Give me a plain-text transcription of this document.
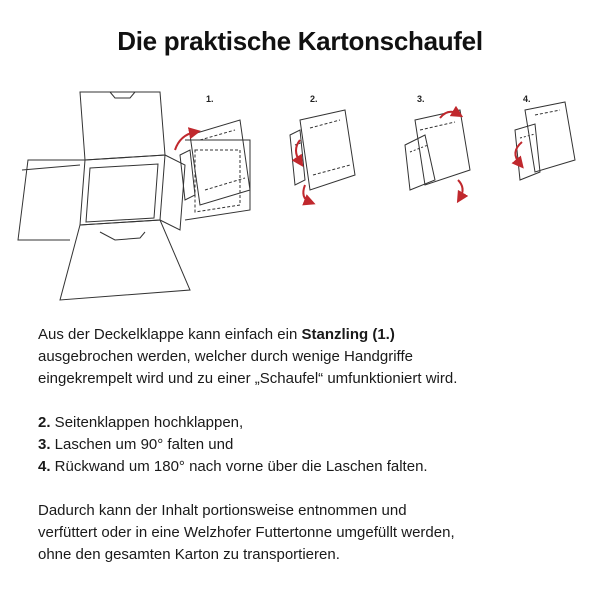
Die praktische Kartonschaufel
1.	2.	3.	4.

Aus der Deckelklappe kann einfach ein Stanzling (1.)

ausgebrochen werden, welcher durch wenige Handgriffe

eingekrempelt wird und zu einer „Schaufel“ umfunktioniert wird.

2. Seitenklappen hochklappen,

3. Laschen um 90° falten und

4. Rückwand um 180° nach vorne über die Laschen falten.

Dadurch kann der Inhalt portionsweise entnommen und

verfüttert oder in eine Welzhofer Futtertonne umgefüllt werden,

ohne den gesamten Karton zu transportieren.
